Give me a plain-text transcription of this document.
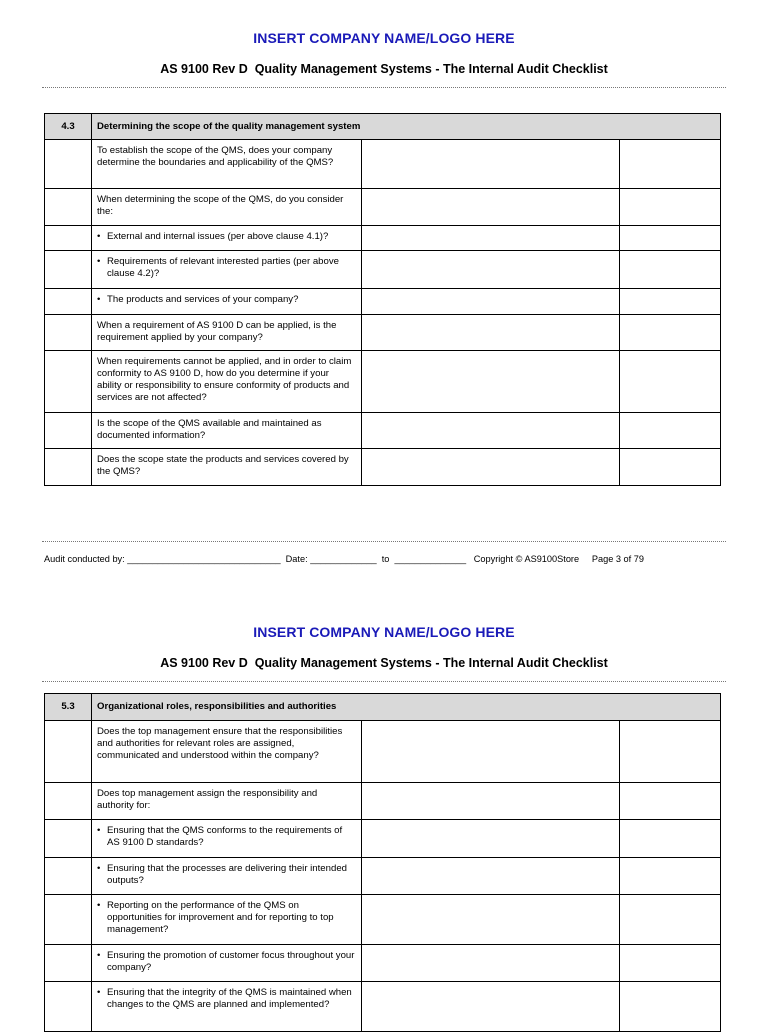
INSERT COMPANY NAME/LOGO HERE
AS 9100 Rev D  Quality Management Systems - The Internal Audit Checklist
4.3	Determining the scope of the quality management system		
	To establish the scope of the QMS, does your company determine the boundaries and applicability of the QMS?		
	When determining the scope of the QMS, do you consider the:		

	• External and internal issues (per above clause 4.1)?		

	• Requirements of relevant interested parties (per above clause 4.2)?		

	• The products and services of your company?		

	When a requirement of AS 9100 D can be applied, is the requirement applied by your company?		
	When requirements cannot be applied, and in order to claim conformity to AS 9100 D, how do you determine if your ability or responsibility to ensure conformity of products and services are not affected?		
	Is the scope of the QMS available and maintained as documented information?		
	Does the scope state the products and services covered by the QMS?		
Audit conducted by: ______________________________ Date: _____________ to ______________ Copyright © AS9100Store Page 3 of 79
INSERT COMPANY NAME/LOGO HERE
AS 9100 Rev D  Quality Management Systems - The Internal Audit Checklist
5.3	Organizational roles, responsibilities and authorities		
	Does the top management ensure that the responsibilities and authorities for relevant roles are assigned, communicated and understood within the company?		
	Does top management assign the responsibility and authority for:		

	• Ensuring that the QMS conforms to the requirements of AS 9100 D standards?		

	• Ensuring that the processes are delivering their intended outputs?		

	• Reporting on the performance of the QMS on opportunities for improvement and for reporting to top management?		

	• Ensuring the promotion of customer focus throughout your company?		

	• Ensuring that the integrity of the QMS is maintained when changes to the QMS are planned and implemented?		
